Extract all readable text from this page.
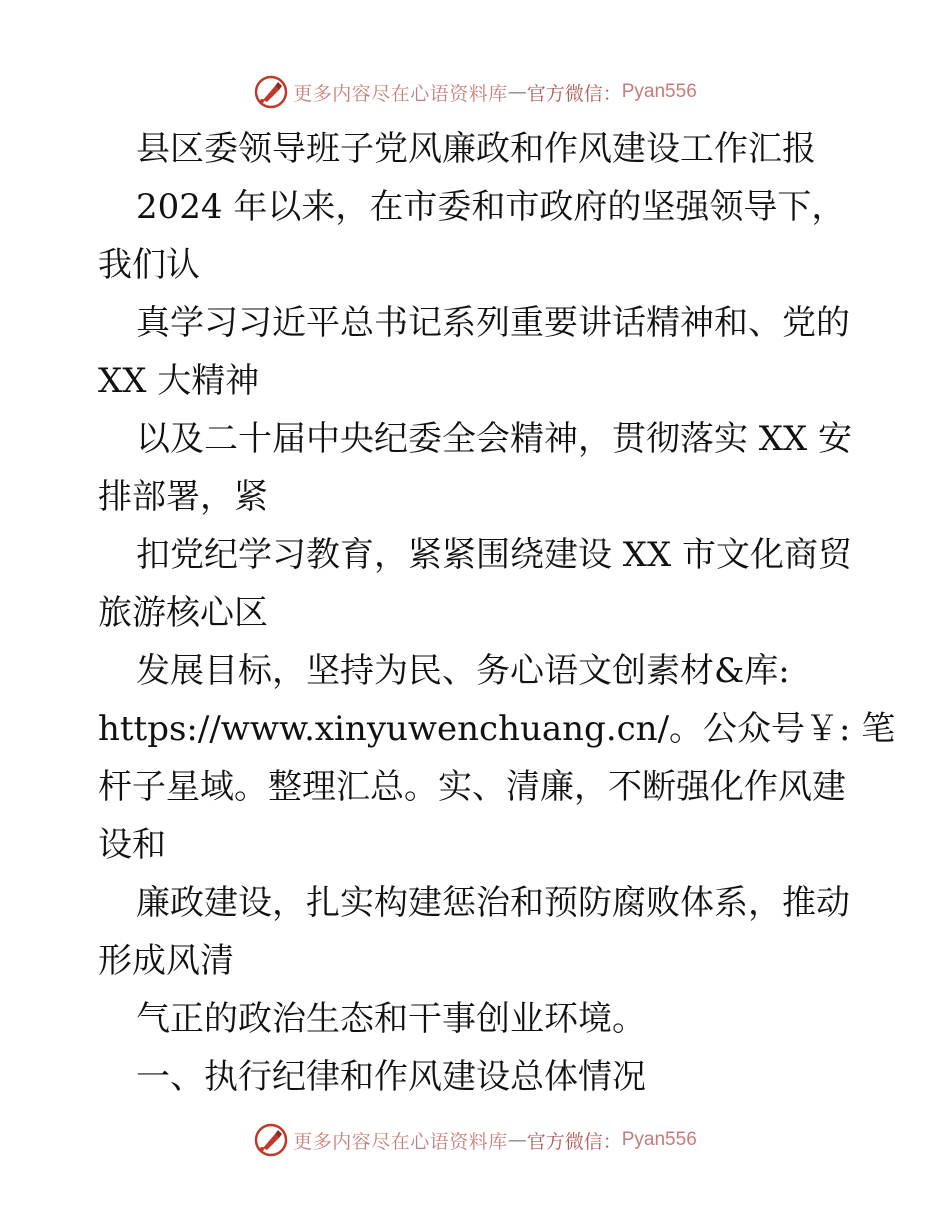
更多内容尽在心语资料库 — 官方微信： Pyan556
县区委领导班子党风廉政和作风建设工作汇报
2024 年以来，在市委和市政府的坚强领导下，
我们认
真学习习近平总书记系列重要讲话精神和、党的
XX 大精神
以及二十届中央纪委全会精神，贯彻落实 XX 安
排部署，紧
扣党纪学习教育，紧紧围绕建设 XX 市文化商贸
旅游核心区
发展目标，坚持为民、务心语文创素材&库:
https://www.xinyuwenchuang.cn/。公众号￥: 笔
杆子星域。整理汇总。实、清廉，不断强化作风建
设和
廉政建设，扎实构建惩治和预防腐败体系，推动
形成风清
气正的政治生态和干事创业环境。
一、执行纪律和作风建设总体情况
更多内容尽在心语资料库 — 官方微信： Pyan556
